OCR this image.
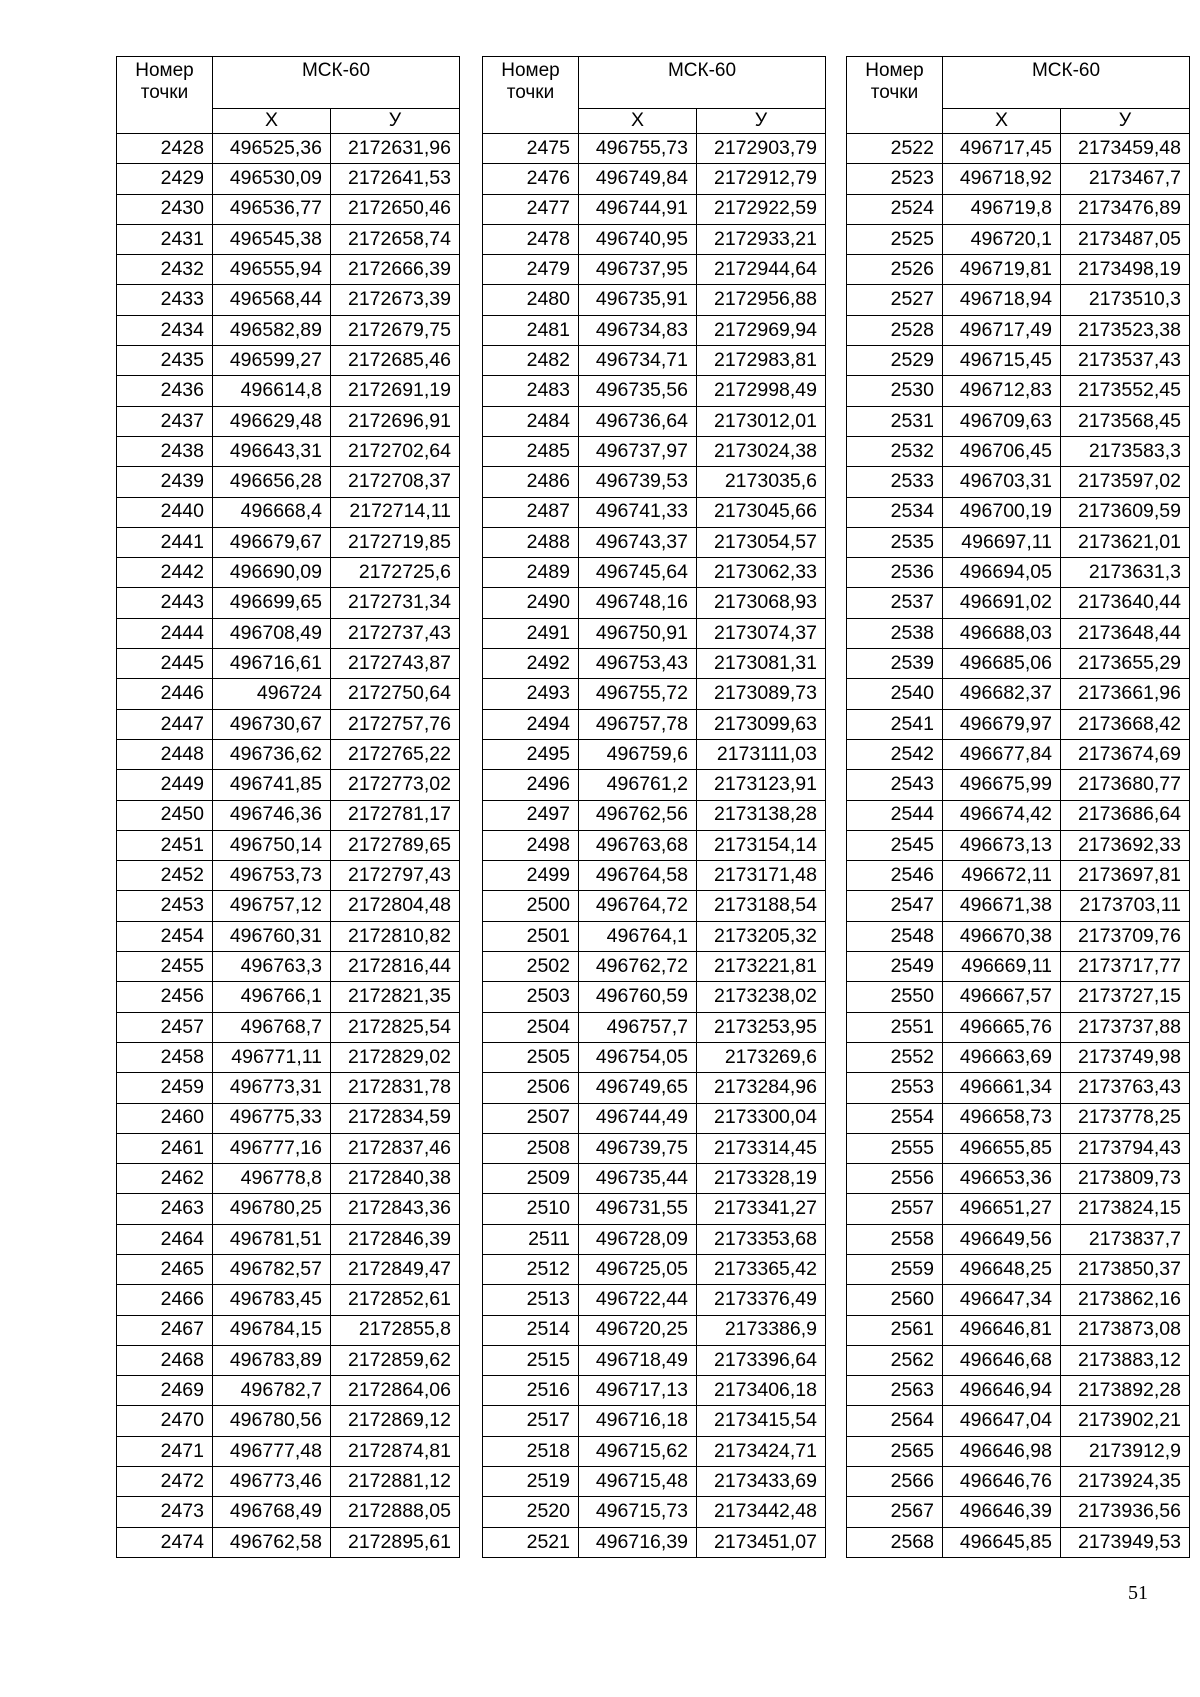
Номер
точки	МСК-60	
	Х	У
2428	496525,36	2172631,96
2429	496530,09	2172641,53
2430	496536,77	2172650,46
2431	496545,38	2172658,74
2432	496555,94	2172666,39
2433	496568,44	2172673,39
2434	496582,89	2172679,75
2435	496599,27	2172685,46
2436	496614,8	2172691,19
2437	496629,48	2172696,91
2438	496643,31	2172702,64
2439	496656,28	2172708,37
2440	496668,4	2172714,11
2441	496679,67	2172719,85
2442	496690,09	2172725,6
2443	496699,65	2172731,34
2444	496708,49	2172737,43
2445	496716,61	2172743,87
2446	496724	2172750,64
2447	496730,67	2172757,76
2448	496736,62	2172765,22
2449	496741,85	2172773,02
2450	496746,36	2172781,17
2451	496750,14	2172789,65
2452	496753,73	2172797,43
2453	496757,12	2172804,48
2454	496760,31	2172810,82
2455	496763,3	2172816,44
2456	496766,1	2172821,35
2457	496768,7	2172825,54
2458	496771,11	2172829,02
2459	496773,31	2172831,78
2460	496775,33	2172834,59
2461	496777,16	2172837,46
2462	496778,8	2172840,38
2463	496780,25	2172843,36
2464	496781,51	2172846,39
2465	496782,57	2172849,47
2466	496783,45	2172852,61
2467	496784,15	2172855,8
2468	496783,89	2172859,62
2469	496782,7	2172864,06
2470	496780,56	2172869,12
2471	496777,48	2172874,81
2472	496773,46	2172881,12
2473	496768,49	2172888,05
2474	496762,58	2172895,61
Номер
точки	МСК-60	
	Х	У
2475	496755,73	2172903,79
2476	496749,84	2172912,79
2477	496744,91	2172922,59
2478	496740,95	2172933,21
2479	496737,95	2172944,64
2480	496735,91	2172956,88
2481	496734,83	2172969,94
2482	496734,71	2172983,81
2483	496735,56	2172998,49
2484	496736,64	2173012,01
2485	496737,97	2173024,38
2486	496739,53	2173035,6
2487	496741,33	2173045,66
2488	496743,37	2173054,57
2489	496745,64	2173062,33
2490	496748,16	2173068,93
2491	496750,91	2173074,37
2492	496753,43	2173081,31
2493	496755,72	2173089,73
2494	496757,78	2173099,63
2495	496759,6	2173111,03
2496	496761,2	2173123,91
2497	496762,56	2173138,28
2498	496763,68	2173154,14
2499	496764,58	2173171,48
2500	496764,72	2173188,54
2501	496764,1	2173205,32
2502	496762,72	2173221,81
2503	496760,59	2173238,02
2504	496757,7	2173253,95
2505	496754,05	2173269,6
2506	496749,65	2173284,96
2507	496744,49	2173300,04
2508	496739,75	2173314,45
2509	496735,44	2173328,19
2510	496731,55	2173341,27
2511	496728,09	2173353,68
2512	496725,05	2173365,42
2513	496722,44	2173376,49
2514	496720,25	2173386,9
2515	496718,49	2173396,64
2516	496717,13	2173406,18
2517	496716,18	2173415,54
2518	496715,62	2173424,71
2519	496715,48	2173433,69
2520	496715,73	2173442,48
2521	496716,39	2173451,07
Номер
точки	МСК-60	
	Х	У
2522	496717,45	2173459,48
2523	496718,92	2173467,7
2524	496719,8	2173476,89
2525	496720,1	2173487,05
2526	496719,81	2173498,19
2527	496718,94	2173510,3
2528	496717,49	2173523,38
2529	496715,45	2173537,43
2530	496712,83	2173552,45
2531	496709,63	2173568,45
2532	496706,45	2173583,3
2533	496703,31	2173597,02
2534	496700,19	2173609,59
2535	496697,11	2173621,01
2536	496694,05	2173631,3
2537	496691,02	2173640,44
2538	496688,03	2173648,44
2539	496685,06	2173655,29
2540	496682,37	2173661,96
2541	496679,97	2173668,42
2542	496677,84	2173674,69
2543	496675,99	2173680,77
2544	496674,42	2173686,64
2545	496673,13	2173692,33
2546	496672,11	2173697,81
2547	496671,38	2173703,11
2548	496670,38	2173709,76
2549	496669,11	2173717,77
2550	496667,57	2173727,15
2551	496665,76	2173737,88
2552	496663,69	2173749,98
2553	496661,34	2173763,43
2554	496658,73	2173778,25
2555	496655,85	2173794,43
2556	496653,36	2173809,73
2557	496651,27	2173824,15
2558	496649,56	2173837,7
2559	496648,25	2173850,37
2560	496647,34	2173862,16
2561	496646,81	2173873,08
2562	496646,68	2173883,12
2563	496646,94	2173892,28
2564	496647,04	2173902,21
2565	496646,98	2173912,9
2566	496646,76	2173924,35
2567	496646,39	2173936,56
2568	496645,85	2173949,53
51
